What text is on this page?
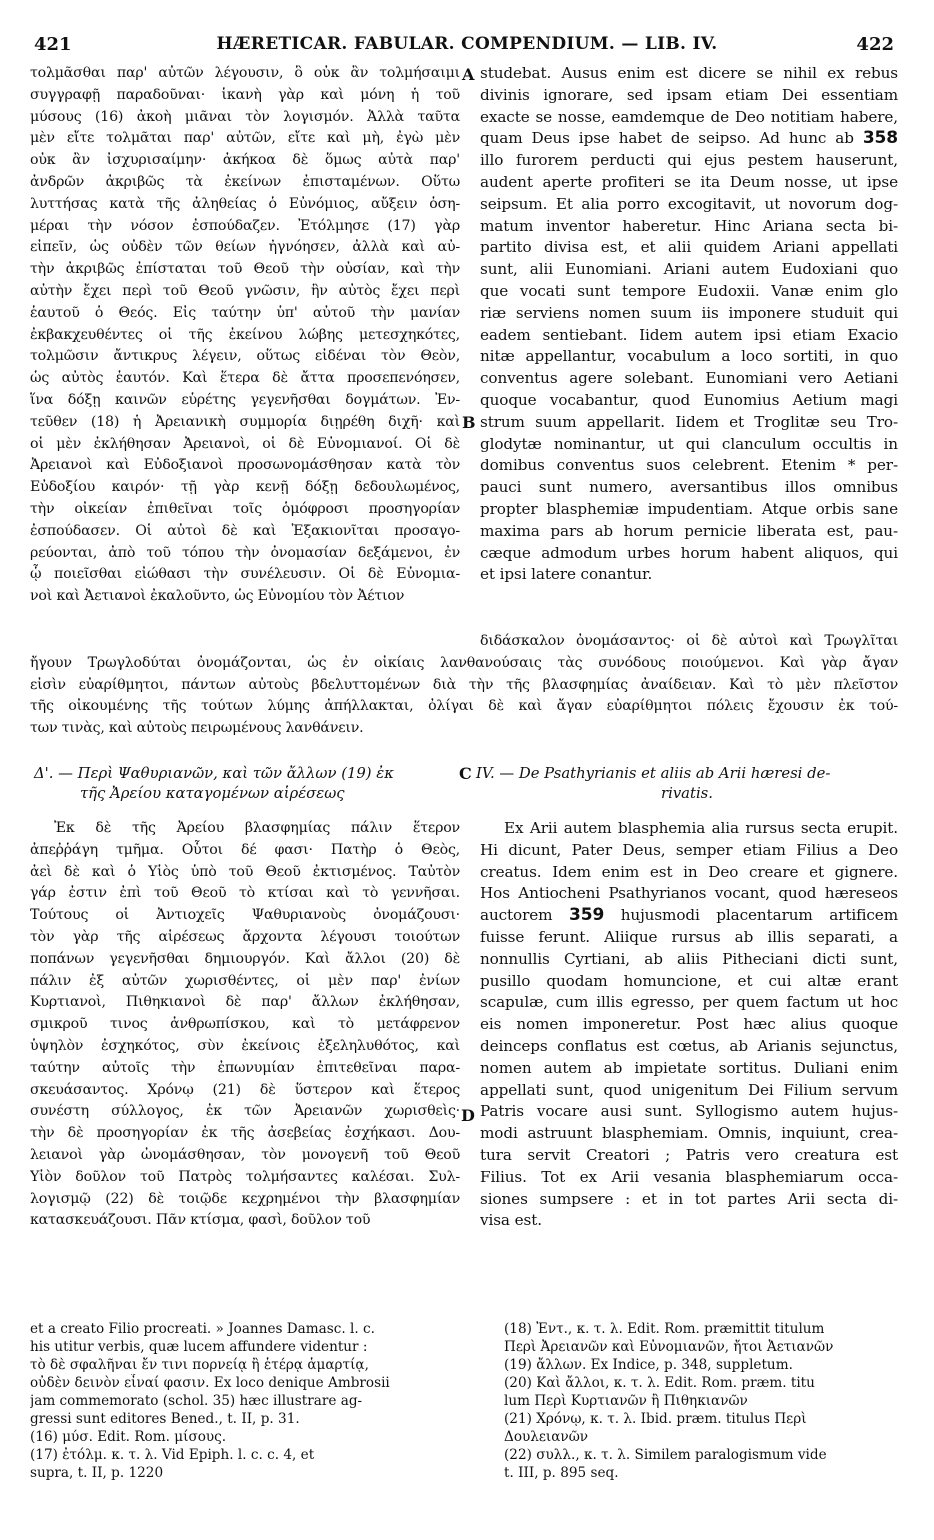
421	HÆRETICAR. FABULAR. COMPENDIUM. — LIB. IV.	422
τολμᾶσθαι παρ' αὐτῶν λέγουσιν, ὃ οὐκ ἂν τολμήσαιμι
συγγραφῇ παραδοῦναι· ἱκανὴ γὰρ καὶ μόνη ἡ τοῦ
μύσους (16) ἀκοὴ μιᾶναι τὸν λογισμόν. Ἀλλὰ ταῦτα
μὲν εἴτε τολμᾶται παρ' αὐτῶν, εἴτε καὶ μὴ, ἐγὼ μὲν
οὐκ ἂν ἰσχυρισαίμην· ἀκήκοα δὲ ὅμως αὐτὰ παρ'
ἀνδρῶν ἀκριβῶς τὰ ἐκείνων ἐπισταμένων. Οὕτω
λυττήσας κατὰ τῆς ἀληθείας ὁ Εὐνόμιος, αὔξειν ὁση-
μέραι τὴν νόσον ἐσπούδαζεν. Ἐτόλμησε (17) γὰρ
εἰπεῖν, ὡς οὐδὲν τῶν θείων ἠγνόησεν, ἀλλὰ καὶ αὐ-
τὴν ἀκριβῶς ἐπίσταται τοῦ Θεοῦ τὴν οὐσίαν, καὶ τὴν
αὐτὴν ἔχει περὶ τοῦ Θεοῦ γνῶσιν, ἣν αὐτὸς ἔχει περὶ
ἑαυτοῦ ὁ Θεός. Εἰς ταύτην ὑπ' αὐτοῦ τὴν μανίαν
ἐκβακχευθέντες οἱ τῆς ἐκείνου λώβης μετεσχηκότες,
τολμῶσιν ἄντικρυς λέγειν, οὕτως εἰδέναι τὸν Θεὸν,
ὡς αὐτὸς ἑαυτόν. Καὶ ἕτερα δὲ ἄττα προσεπενόησεν,
ἵνα δόξῃ καινῶν εὑρέτης γεγενῆσθαι δογμάτων. Ἐν-
τεῦθεν (18) ἡ Ἀρειανικὴ συμμορία διῃρέθη διχῆ· καὶ
οἱ μὲν ἐκλήθησαν Ἀρειανοὶ, οἱ δὲ Εὐνομιανοί. Οἱ δὲ
Ἀρειανοὶ καὶ Εὐδοξιανοὶ προσωνομάσθησαν κατὰ τὸν
Εὐδοξίου καιρόν· τῇ γὰρ κενῇ δόξῃ δεδουλωμένος,
τὴν οἰκείαν ἐπιθεῖναι τοῖς ὁμόφροσι προσηγορίαν
ἐσπούδασεν. Οἱ αὐτοὶ δὲ καὶ Ἐξακιονῖται προσαγο-
ρεύονται, ἀπὸ τοῦ τόπου τὴν ὀνομασίαν δεξάμενοι, ἐν
ᾧ ποιεῖσθαι εἰώθασι τὴν συνέλευσιν. Οἱ δὲ Εὐνομια-
νοὶ καὶ Ἀετιανοὶ ἐκαλοῦντο, ὡς Εὐνομίου τὸν Ἀέτιον
studebat. Ausus enim est dicere se nihil ex rebus
divinis ignorare, sed ipsam etiam Dei essentiam
exacte se nosse, eamdemque de Deo notitiam habere,
quam Deus ipse habet de seipso. Ad hunc ab 358
illo furorem perducti qui ejus pestem hauserunt,
audent aperte profiteri se ita Deum nosse, ut ipse
seipsum. Et alia porro excogitavit, ut novorum dog-
matum inventor haberetur. Hinc Ariana secta bi-
partito divisa est, et alii quidem Ariani appellati
sunt, alii Eunomiani. Ariani autem Eudoxiani quo
que vocati sunt tempore Eudoxii. Vanæ enim glo
riæ serviens nomen suum iis imponere studuit qui
eadem sentiebant. Iidem autem ipsi etiam Exacio
nitæ appellantur, vocabulum a loco sortiti, in quo
conventus agere solebant. Eunomiani vero Aetiani
quoque vocabantur, quod Eunomius Aetium magi
strum suum appellarit. Iidem et Troglitæ seu Tro-
glodytæ nominantur, ut qui clanculum occultis in
domibus conventus suos celebrent. Etenim * per-
pauci sunt numero, aversantibus illos omnibus
propter blasphemiæ impudentiam. Atque orbis sane
maxima pars ab horum pernicie liberata est, pau-
cæque admodum urbes horum habent aliquos, qui
et ipsi latere conantur.
διδάσκαλον ὀνομάσαντος· οἱ δὲ αὐτοὶ καὶ Τρωγλῖται
ἤγουν Τρωγλοδύται ὀνομάζονται, ὡς ἐν οἰκίαις λανθανούσαις τὰς συνόδους ποιούμενοι. Καὶ γὰρ ἄγαν
εἰσὶν εὐαρίθμητοι, πάντων αὐτοὺς βδελυττομένων διὰ τὴν τῆς βλασφημίας ἀναίδειαν. Καὶ τὸ μὲν πλεῖστον
τῆς οἰκουμένης τῆς τούτων λύμης ἀπήλλακται, ὀλίγαι δὲ καὶ ἄγαν εὐαρίθμητοι πόλεις ἔχουσιν ἐκ τού-
των τινὰς, καὶ αὐτοὺς πειρωμένους λανθάνειν.
A
B
C
D
Δ'. — Περὶ Ψαθυριανῶν, καὶ τῶν ἄλλων (19) ἐκ
τῆς Ἀρείου καταγομένων αἱρέσεως
IV. — De Psathyrianis et aliis ab Arii hæresi de-
rivatis.
Ἐκ δὲ τῆς Ἀρείου βλασφημίας πάλιν ἕτερον
ἀπεῤῥάγη τμῆμα. Οὗτοι δέ φασι· Πατὴρ ὁ Θεὸς,
ἀεὶ δὲ καὶ ὁ Υἱὸς ὑπὸ τοῦ Θεοῦ ἐκτισμένος. Ταὐτὸν
γάρ ἐστιν ἐπὶ τοῦ Θεοῦ τὸ κτίσαι καὶ τὸ γεννῆσαι.
Τούτους οἱ Ἀντιοχεῖς Ψαθυριανοὺς ὀνομάζουσι·
τὸν γὰρ τῆς αἱρέσεως ἄρχοντα λέγουσι τοιούτων
ποπάνων γεγενῆσθαι δημιουργόν. Καὶ ἄλλοι (20) δὲ
πάλιν ἐξ αὐτῶν χωρισθέντες, οἱ μὲν παρ' ἐνίων
Κυρτιανοὶ, Πιθηκιανοὶ δὲ παρ' ἄλλων ἐκλήθησαν,
σμικροῦ τινος ἀνθρωπίσκου, καὶ τὸ μετάφρενον
ὑψηλὸν ἐσχηκότος, σὺν ἐκείνοις ἐξεληλυθότος, καὶ
ταύτην αὐτοῖς τὴν ἐπωνυμίαν ἐπιτεθεῖναι παρα-
σκευάσαντος. Χρόνῳ (21) δὲ ὕστερον καὶ ἕτερος
συνέστη σύλλογος, ἐκ τῶν Ἀρειανῶν χωρισθεὶς·
τὴν δὲ προσηγορίαν ἐκ τῆς ἀσεβείας ἐσχήκασι. Δου-
λειανοὶ γὰρ ὠνομάσθησαν, τὸν μονογενῆ τοῦ Θεοῦ
Υἱὸν δοῦλον τοῦ Πατρὸς τολμήσαντες καλέσαι. Συλ-
λογισμῷ (22) δὲ τοιῷδε κεχρημένοι τὴν βλασφημίαν
κατασκευάζουσι. Πᾶν κτίσμα, φασὶ, δοῦλον τοῦ
Ex Arii autem blasphemia alia rursus secta erupit.
Hi dicunt, Pater Deus, semper etiam Filius a Deo
creatus. Idem enim est in Deo creare et gignere.
Hos Antiocheni Psathyrianos vocant, quod hæreseos
auctorem 359 hujusmodi placentarum artificem
fuisse ferunt. Aliique rursus ab illis separati, a
nonnullis Cyrtiani, ab aliis Pitheciani dicti sunt,
pusillo quodam homuncione, et cui altæ erant
scapulæ, cum illis egresso, per quem factum ut hoc
eis nomen imponeretur. Post hæc alius quoque
deinceps conflatus est cœtus, ab Arianis sejunctus,
nomen autem ab impietate sortitus. Duliani enim
appellati sunt, quod unigenitum Dei Filium servum
Patris vocare ausi sunt. Syllogismo autem hujus-
modi astruunt blasphemiam. Omnis, inquiunt, crea-
tura servit Creatori ; Patris vero creatura est
Filius. Tot ex Arii vesania blasphemiarum occa-
siones sumpsere : et in tot partes Arii secta di-
visa est.
et a creato Filio procreati. » Joannes Damasc. l. c.
his utitur verbis, quæ lucem affundere videntur :
τὸ δὲ σφαλῆναι ἔν τινι πορνείᾳ ἢ ἑτέρᾳ ἁμαρτίᾳ,
οὐδὲν δεινὸν εἶναί φασιν. Ex loco denique Ambrosii
jam commemorato (schol. 35) hæc illustrare ag-
gressi sunt editores Bened., t. II, p. 31.
(16) μύσ. Edit. Rom. μίσους.
(17) ἐτόλμ. κ. τ. λ. Vid Epiph. l. c. c. 4, et
supra, t. II, p. 1220
(18) Ἐντ., κ. τ. λ. Edit. Rom. præmittit titulum
Περὶ Ἀρειανῶν καὶ Εὐνομιανῶν, ἤτοι Ἀετιανῶν
(19) ἄλλων. Ex Indice, p. 348, suppletum.
(20) Καὶ ἄλλοι, κ. τ. λ. Edit. Rom. præm. titu
lum Περὶ Κυρτιανῶν ἢ Πιθηκιανῶν
(21) Χρόνῳ, κ. τ. λ. Ibid. præm. titulus Περὶ
Δουλειανῶν
(22) συλλ., κ. τ. λ. Similem paralogismum vide
t. III, p. 895 seq.
